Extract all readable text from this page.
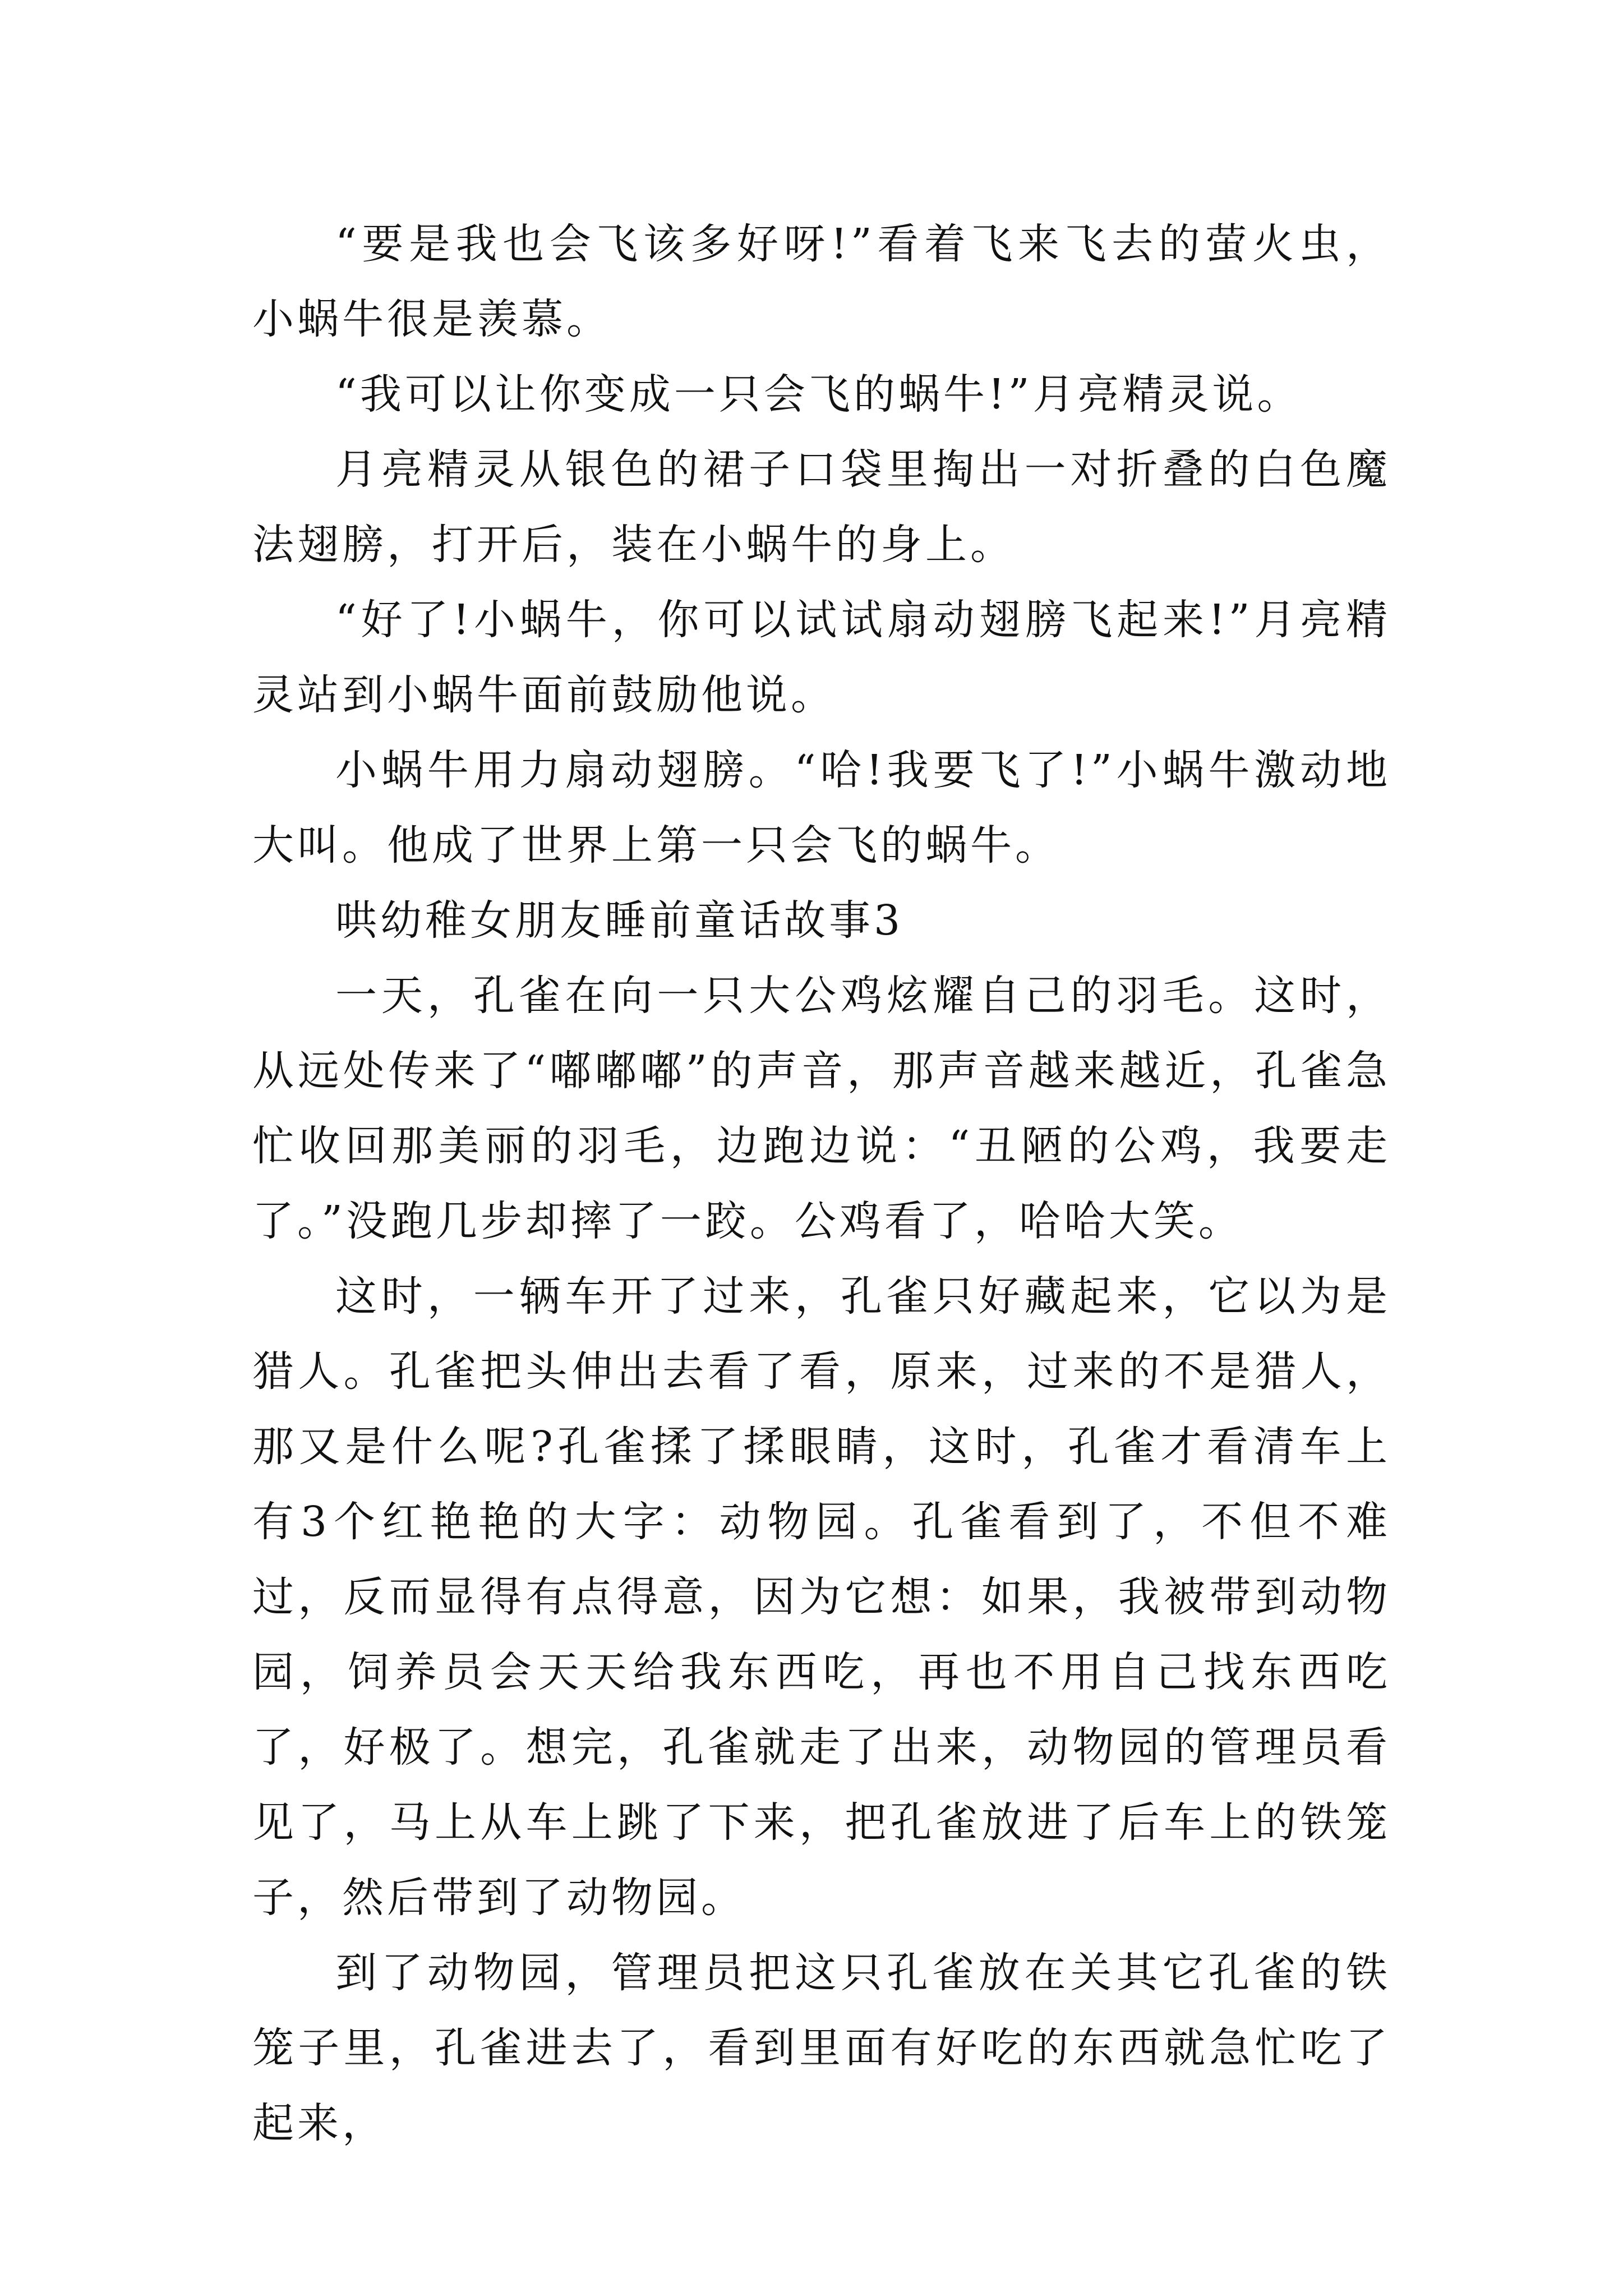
“要是我也会飞该多好呀!”看着飞来飞去的萤火虫，小蜗牛很是羡慕。

“我可以让你变成一只会飞的蜗牛!”月亮精灵说。

月亮精灵从银色的裙子口袋里掏出一对折叠的白色魔法翅膀，打开后，装在小蜗牛的身上。

“好了!小蜗牛，你可以试试扇动翅膀飞起来!”月亮精灵站到小蜗牛面前鼓励他说。

小蜗牛用力扇动翅膀。“哈!我要飞了!”小蜗牛激动地大叫。他成了世界上第一只会飞的蜗牛。

哄幼稚女朋友睡前童话故事3

一天，孔雀在向一只大公鸡炫耀自己的羽毛。这时，从远处传来了“嘟嘟嘟”的声音，那声音越来越近，孔雀急忙收回那美丽的羽毛，边跑边说：“丑陋的公鸡，我要走了。”没跑几步却摔了一跤。公鸡看了，哈哈大笑。

这时，一辆车开了过来，孔雀只好藏起来，它以为是猎人。孔雀把头伸出去看了看，原来，过来的不是猎人，那又是什么呢?孔雀揉了揉眼睛，这时，孔雀才看清车上有3个红艳艳的大字：动物园。孔雀看到了，不但不难过，反而显得有点得意，因为它想：如果，我被带到动物园，饲养员会天天给我东西吃，再也不用自己找东西吃了，好极了。想完，孔雀就走了出来，动物园的管理员看见了，马上从车上跳了下来，把孔雀放进了后车上的铁笼子，然后带到了动物园。

到了动物园，管理员把这只孔雀放在关其它孔雀的铁笼子里，孔雀进去了，看到里面有好吃的东西就急忙吃了起来，
